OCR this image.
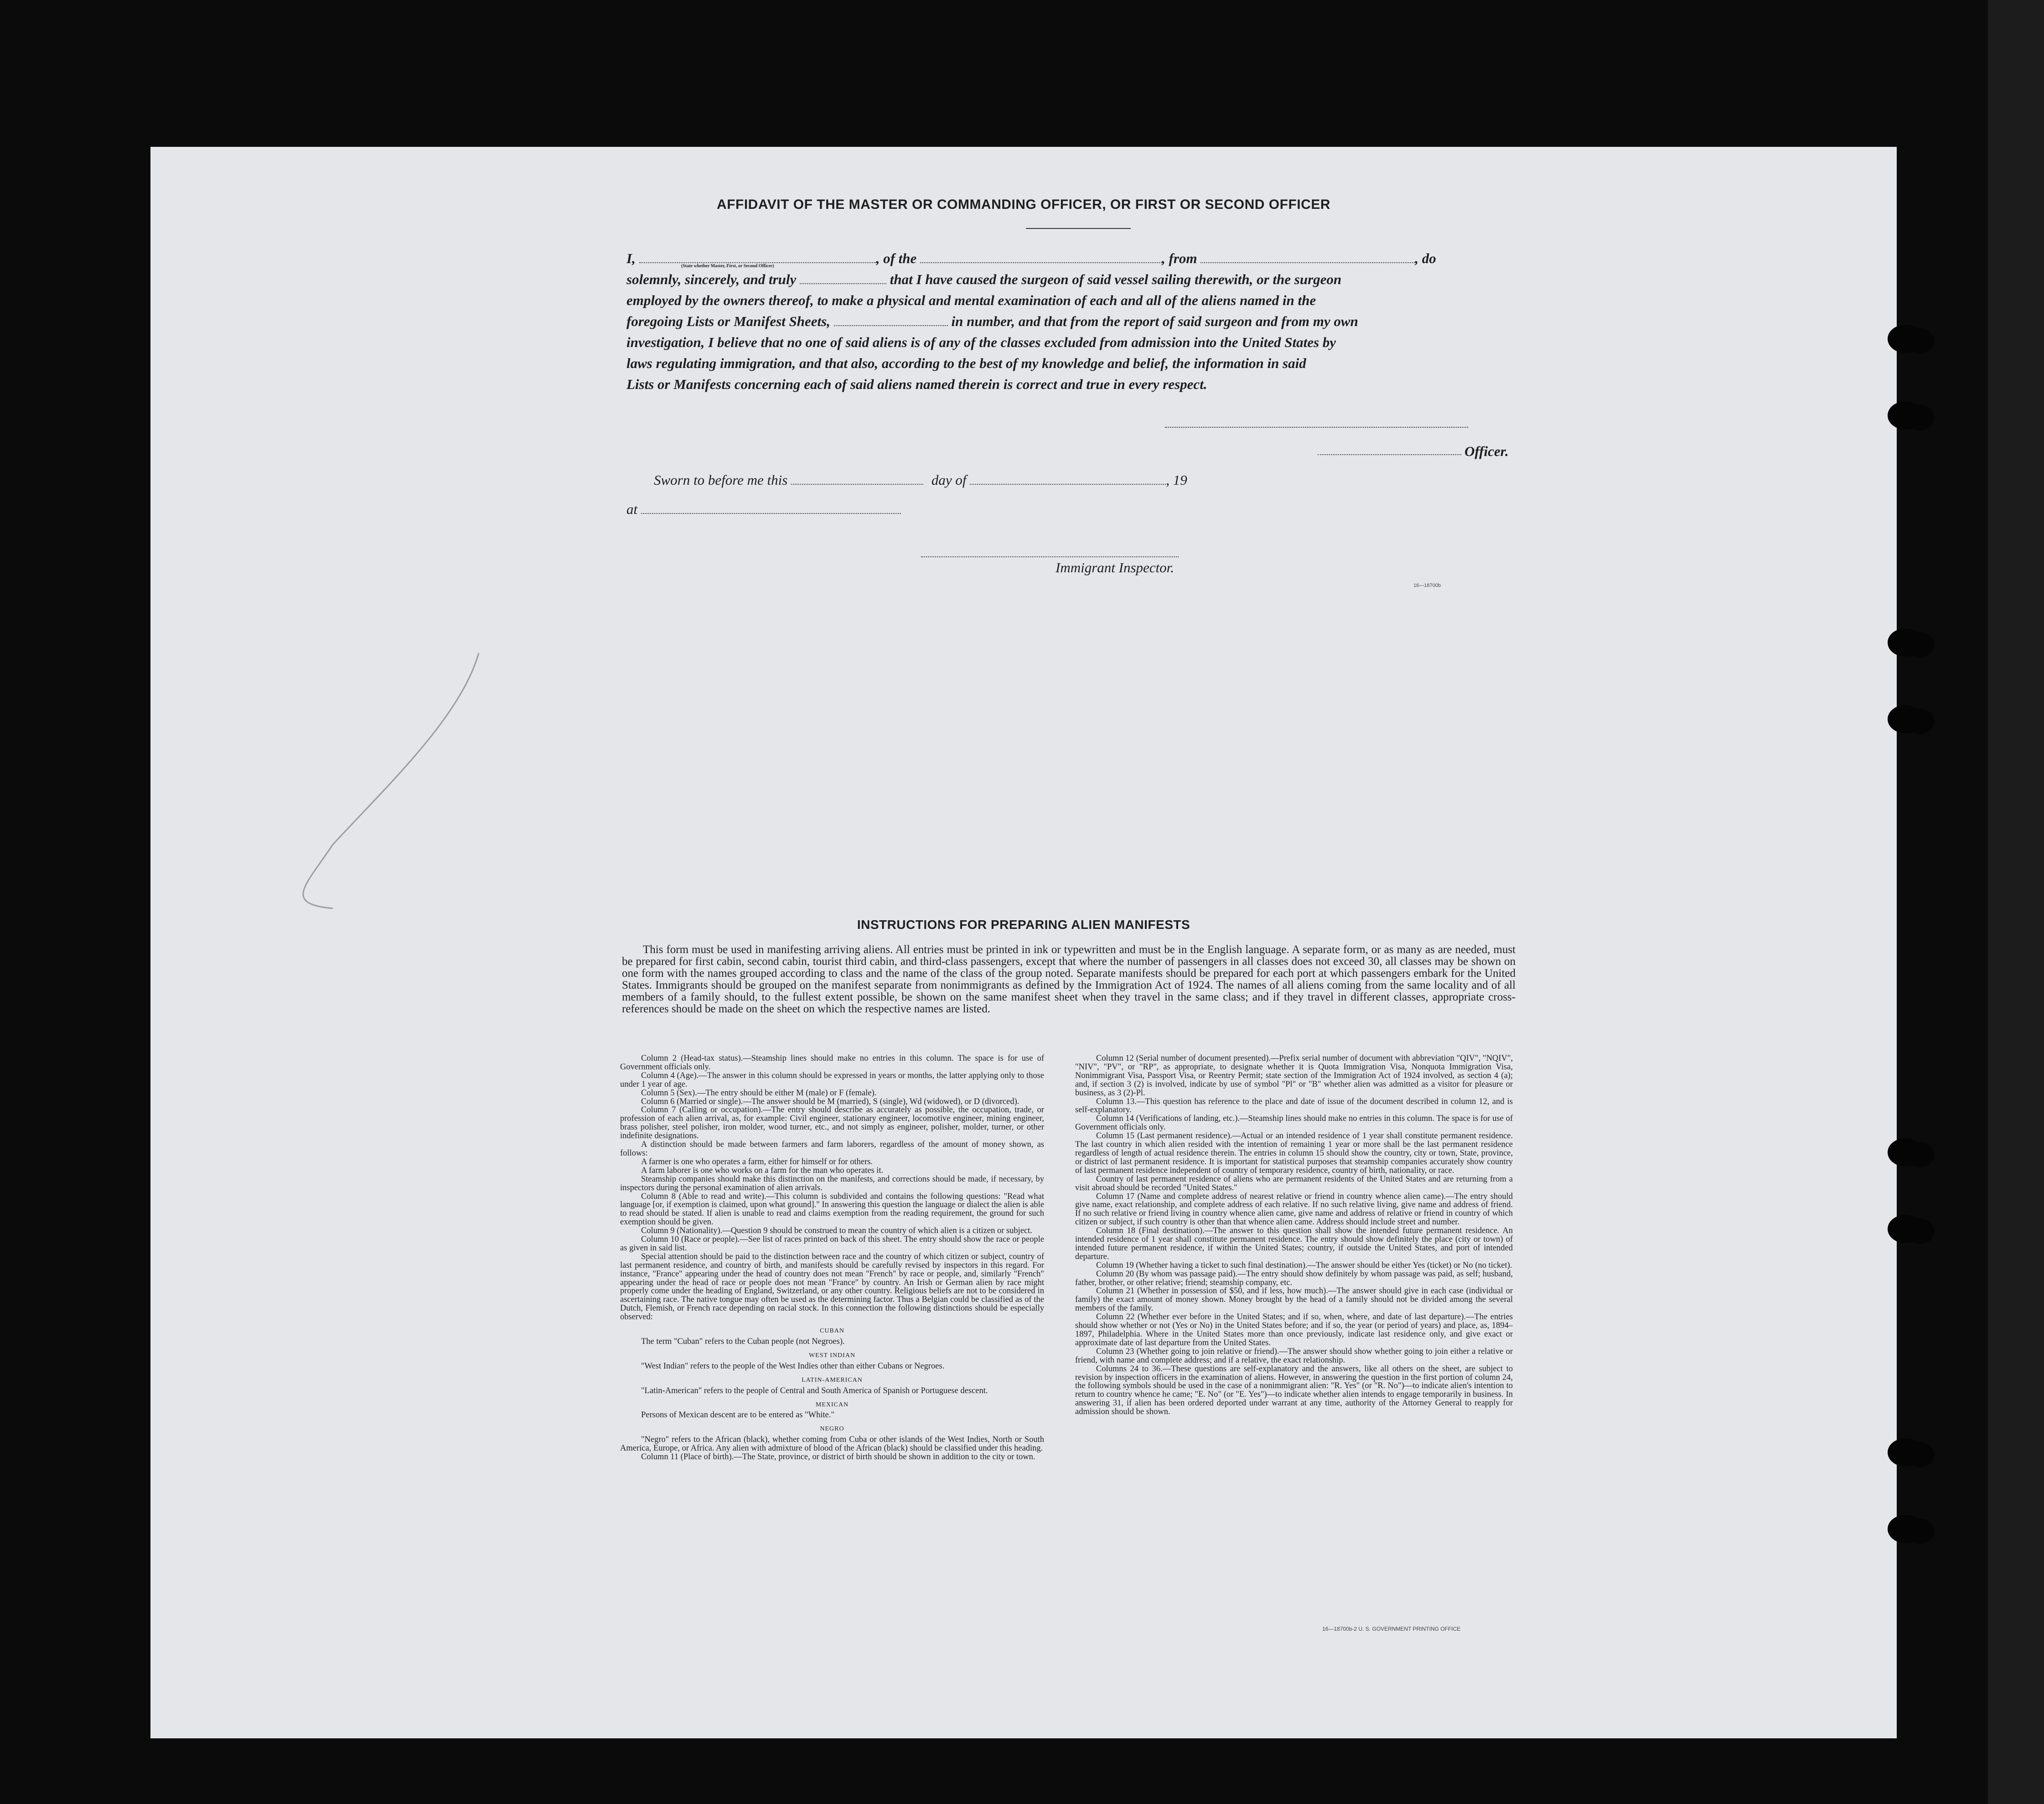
AFFIDAVIT OF THE MASTER OR COMMANDING OFFICER, OR FIRST OR SECOND OFFICER
I,	, of the	, from	, do
(State whether Master, First, or Second Officer)
solemnly, sincerely, and truly	that I have caused the surgeon of said vessel sailing therewith, or the surgeon
employed by the owners thereof, to make a physical and mental examination of each and all of the aliens named in the
foregoing Lists or Manifest Sheets,	in number, and that from the report of said surgeon and from my own
investigation, I believe that no one of said aliens is of any of the classes excluded from admission into the United States by
laws regulating immigration, and that also, according to the best of my knowledge and belief, the information in said
Lists or Manifests concerning each of said aliens named therein is correct and true in every respect.
Officer.
Sworn to before me this	day of	, 19
at
Immigrant Inspector.
16—18700b
INSTRUCTIONS FOR PREPARING ALIEN MANIFESTS
This form must be used in manifesting arriving aliens. All entries must be printed in ink or typewritten and must be in the English language. A separate form, or as many as are needed, must be prepared for first cabin, second cabin, tourist third cabin, and third-class passengers, except that where the number of passengers in all classes does not exceed 30, all classes may be shown on one form with the names grouped according to class and the name of the class of the group noted. Separate manifests should be prepared for each port at which passengers embark for the United States. Immigrants should be grouped on the manifest separate from nonimmigrants as defined by the Immigration Act of 1924. The names of all aliens coming from the same locality and of all members of a family should, to the fullest extent possible, be shown on the same manifest sheet when they travel in the same class; and if they travel in different classes, appropriate cross-references should be made on the sheet on which the respective names are listed.

Column 2 (Head-tax status).—Steamship lines should make no entries in this column. The space is for use of Government officials only.

Column 4 (Age).—The answer in this column should be expressed in years or months, the latter applying only to those under 1 year of age.

Column 5 (Sex).—The entry should be either M (male) or F (female).

Column 6 (Married or single).—The answer should be M (married), S (single), Wd (widowed), or D (divorced).

Column 7 (Calling or occupation).—The entry should describe as accurately as possible, the occupation, trade, or profession of each alien arrival, as, for example: Civil engineer, stationary engineer, locomotive engineer, mining engineer, brass polisher, steel polisher, iron molder, wood turner, etc., and not simply as engineer, polisher, molder, turner, or other indefinite designations.

A distinction should be made between farmers and farm laborers, regardless of the amount of money shown, as follows:

A farmer is one who operates a farm, either for himself or for others.

A farm laborer is one who works on a farm for the man who operates it.

Steamship companies should make this distinction on the manifests, and corrections should be made, if necessary, by inspectors during the personal examination of alien arrivals.

Column 8 (Able to read and write).—This column is subdivided and contains the following questions: "Read what language [or, if exemption is claimed, upon what ground]." In answering this question the language or dialect the alien is able to read should be stated. If alien is unable to read and claims exemption from the reading requirement, the ground for such exemption should be given.

Column 9 (Nationality).—Question 9 should be construed to mean the country of which alien is a citizen or subject.

Column 10 (Race or people).—See list of races printed on back of this sheet. The entry should show the race or people as given in said list.

Special attention should be paid to the distinction between race and the country of which citizen or subject, country of last permanent residence, and country of birth, and manifests should be carefully revised by inspectors in this regard. For instance, "France" appearing under the head of country does not mean "French" by race or people, and, similarly "French" appearing under the head of race or people does not mean "France" by country. An Irish or German alien by race might properly come under the heading of England, Switzerland, or any other country. Religious beliefs are not to be considered in ascertaining race. The native tongue may often be used as the determining factor. Thus a Belgian could be classified as of the Dutch, Flemish, or French race depending on racial stock. In this connection the following distinctions should be especially observed:

CUBAN

The term "Cuban" refers to the Cuban people (not Negroes).

WEST INDIAN

"West Indian" refers to the people of the West Indies other than either Cubans or Negroes.

LATIN-AMERICAN

"Latin-American" refers to the people of Central and South America of Spanish or Portuguese descent.

MEXICAN

Persons of Mexican descent are to be entered as "White."

NEGRO

"Negro" refers to the African (black), whether coming from Cuba or other islands of the West Indies, North or South America, Europe, or Africa. Any alien with admixture of blood of the African (black) should be classified under this heading.

Column 11 (Place of birth).—The State, province, or district of birth should be shown in addition to the city or town.

Column 12 (Serial number of document presented).—Prefix serial number of document with abbreviation "QIV", "NQIV", "NIV", "PV", or "RP", as appropriate, to designate whether it is Quota Immigration Visa, Nonquota Immigration Visa, Nonimmigrant Visa, Passport Visa, or Reentry Permit; state section of the Immigration Act of 1924 involved, as section 4 (a); and, if section 3 (2) is involved, indicate by use of symbol "Pl" or "B" whether alien was admitted as a visitor for pleasure or business, as 3 (2)-Pl.

Column 13.—This question has reference to the place and date of issue of the document described in column 12, and is self-explanatory.

Column 14 (Verifications of landing, etc.).—Steamship lines should make no entries in this column. The space is for use of Government officials only.

Column 15 (Last permanent residence).—Actual or an intended residence of 1 year shall constitute permanent residence. The last country in which alien resided with the intention of remaining 1 year or more shall be the last permanent residence regardless of length of actual residence therein. The entries in column 15 should show the country, city or town, State, province, or district of last permanent residence. It is important for statistical purposes that steamship companies accurately show country of last permanent residence independent of country of temporary residence, country of birth, nationality, or race.

Country of last permanent residence of aliens who are permanent residents of the United States and are returning from a visit abroad should be recorded "United States."

Column 17 (Name and complete address of nearest relative or friend in country whence alien came).—The entry should give name, exact relationship, and complete address of each relative. If no such relative living, give name and address of friend. If no such relative or friend living in country whence alien came, give name and address of relative or friend in country of which citizen or subject, if such country is other than that whence alien came. Address should include street and number.

Column 18 (Final destination).—The answer to this question shall show the intended future permanent residence. An intended residence of 1 year shall constitute permanent residence. The entry should show definitely the place (city or town) of intended future permanent residence, if within the United States; country, if outside the United States, and port of intended departure.

Column 19 (Whether having a ticket to such final destination).—The answer should be either Yes (ticket) or No (no ticket).

Column 20 (By whom was passage paid).—The entry should show definitely by whom passage was paid, as self; husband, father, brother, or other relative; friend; steamship company, etc.

Column 21 (Whether in possession of $50, and if less, how much).—The answer should give in each case (individual or family) the exact amount of money shown. Money brought by the head of a family should not be divided among the several members of the family.

Column 22 (Whether ever before in the United States; and if so, when, where, and date of last departure).—The entries should show whether or not (Yes or No) in the United States before; and if so, the year (or period of years) and place, as, 1894–1897, Philadelphia. Where in the United States more than once previously, indicate last residence only, and give exact or approximate date of last departure from the United States.

Column 23 (Whether going to join relative or friend).—The answer should show whether going to join either a relative or friend, with name and complete address; and if a relative, the exact relationship.

Columns 24 to 36.—These questions are self-explanatory and the answers, like all others on the sheet, are subject to revision by inspection officers in the examination of aliens. However, in answering the question in the first portion of column 24, the following symbols should be used in the case of a nonimmigrant alien: "R. Yes" (or "R. No")—to indicate alien's intention to return to country whence he came; "E. No" (or "E. Yes")—to indicate whether alien intends to engage temporarily in business. In answering 31, if alien has been ordered deported under warrant at any time, authority of the Attorney General to reapply for admission should be shown.

16—18700b-2 U. S. GOVERNMENT PRINTING OFFICE
